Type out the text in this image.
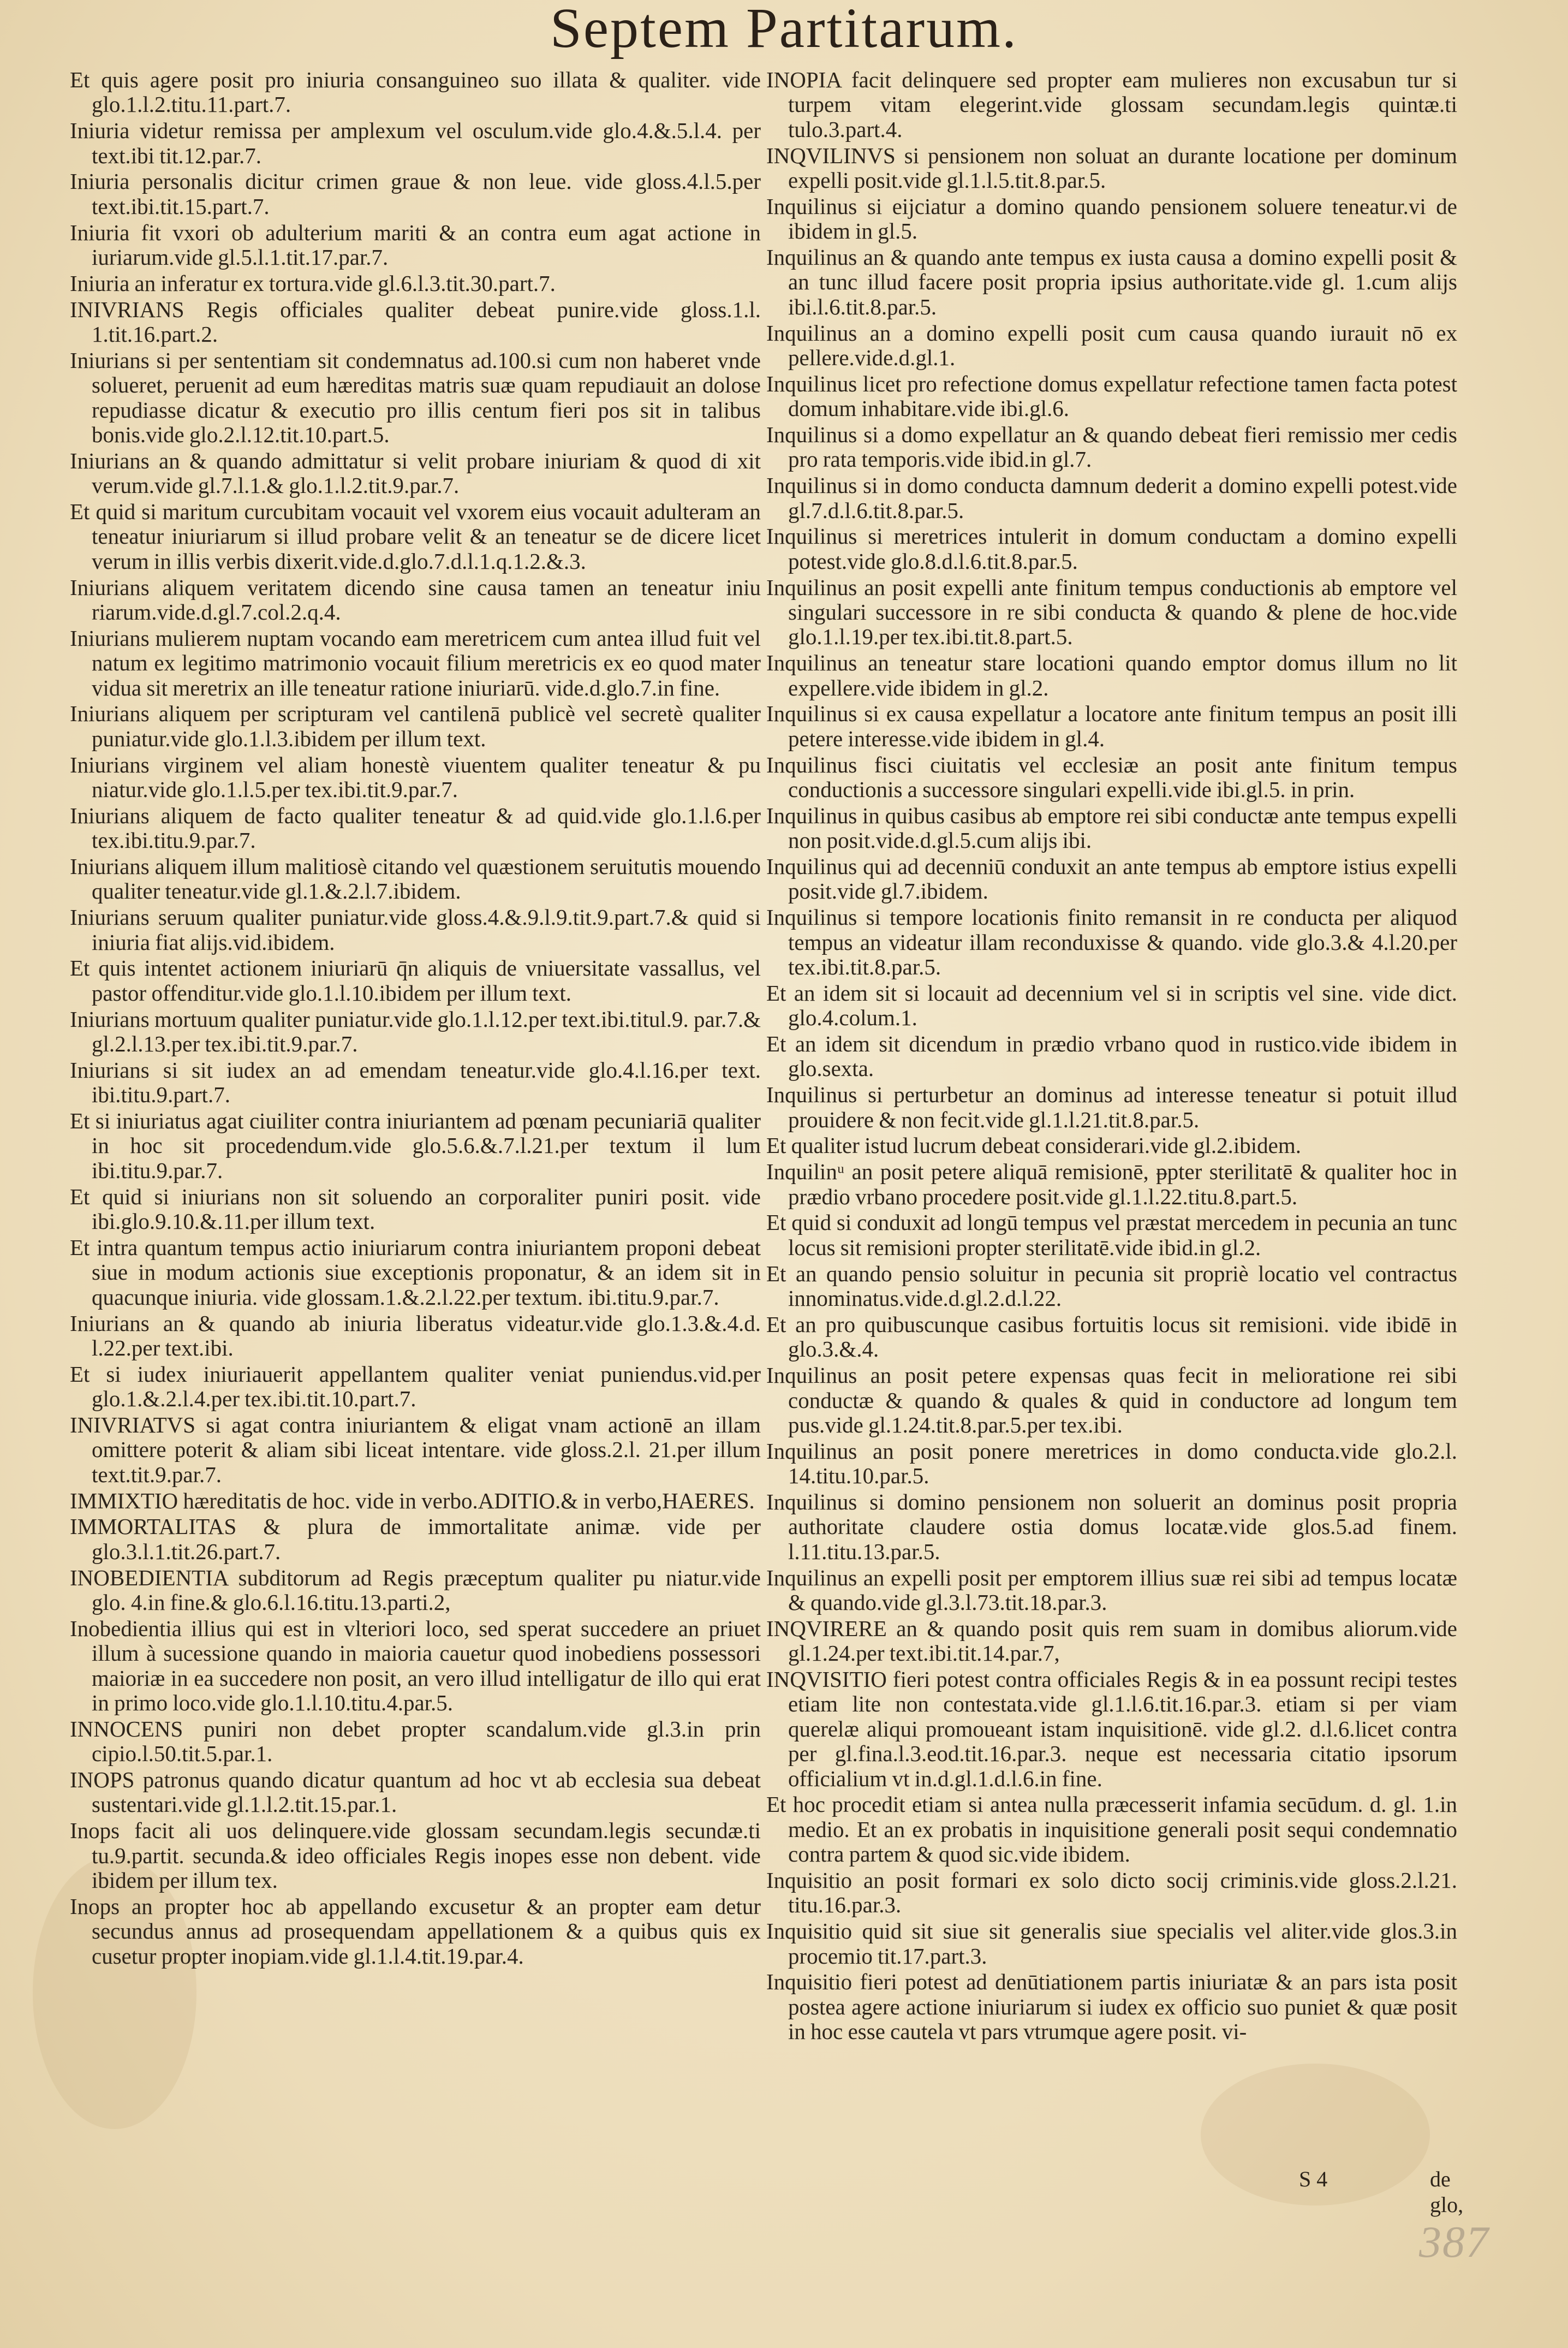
Septem Partitarum.

Et quis agere posit pro iniuria consanguineo suo illata & qualiter. vide glo.1.l.2.titu.11.part.7.

Iniuria videtur remissa per amplexum vel osculum.vide glo.4.&.5.l.4. per text.ibi tit.12.par.7.

Iniuria personalis dicitur crimen graue & non leue. vide gloss.4.l.5.per text.ibi.tit.15.part.7.

Iniuria fit vxori ob adulterium mariti & an contra eum agat actione in iuriarum.vide gl.5.l.1.tit.17.par.7.

Iniuria an inferatur ex tortura.vide gl.6.l.3.tit.30.part.7.

INIVRIANS Regis officiales qualiter debeat punire.vide gloss.1.l. 1.tit.16.part.2.

Iniurians si per sententiam sit condemnatus ad.100.si cum non haberet vnde solueret, peruenit ad eum hæreditas matris suæ quam repudiauit an dolose repudiasse dicatur & executio pro illis centum fieri pos sit in talibus bonis.vide glo.2.l.12.tit.10.part.5.

Iniurians an & quando admittatur si velit probare iniuriam & quod di xit verum.vide gl.7.l.1.& glo.1.l.2.tit.9.par.7.

Et quid si maritum curcubitam vocauit vel vxorem eius vocauit adulteram an teneatur iniuriarum si illud probare velit & an teneatur se de dicere licet verum in illis verbis dixerit.vide.d.glo.7.d.l.1.q.1.2.&.3.

Iniurians aliquem veritatem dicendo sine causa tamen an teneatur iniu riarum.vide.d.gl.7.col.2.q.4.

Iniurians mulierem nuptam vocando eam meretricem cum antea illud fuit vel natum ex legitimo matrimonio vocauit filium meretricis ex eo quod mater vidua sit meretrix an ille teneatur ratione iniuriarū. vide.d.glo.7.in fine.

Iniurians aliquem per scripturam vel cantilenā publicè vel secretè qualiter puniatur.vide glo.1.l.3.ibidem per illum text.

Iniurians virginem vel aliam honestè viuentem qualiter teneatur & pu niatur.vide glo.1.l.5.per tex.ibi.tit.9.par.7.

Iniurians aliquem de facto qualiter teneatur & ad quid.vide glo.1.l.6.per tex.ibi.titu.9.par.7.

Iniurians aliquem illum malitiosè citando vel quæstionem seruitutis mouendo qualiter teneatur.vide gl.1.&.2.l.7.ibidem.

Iniurians seruum qualiter puniatur.vide gloss.4.&.9.l.9.tit.9.part.7.& quid si iniuria fiat alijs.vid.ibidem.

Et quis intentet actionem iniuriarū q̄n aliquis de vniuersitate vassallus, vel pastor offenditur.vide glo.1.l.10.ibidem per illum text.

Iniurians mortuum qualiter puniatur.vide glo.1.l.12.per text.ibi.titul.9. par.7.& gl.2.l.13.per tex.ibi.tit.9.par.7.

Iniurians si sit iudex an ad emendam teneatur.vide glo.4.l.16.per text. ibi.titu.9.part.7.

Et si iniuriatus agat ciuiliter contra iniuriantem ad pœnam pecuniariā qualiter in hoc sit procedendum.vide glo.5.6.&.7.l.21.per textum il lum ibi.titu.9.par.7.

Et quid si iniurians non sit soluendo an corporaliter puniri posit. vide ibi.glo.9.10.&.11.per illum text.

Et intra quantum tempus actio iniuriarum contra iniuriantem proponi debeat siue in modum actionis siue exceptionis proponatur, & an idem sit in quacunque iniuria. vide glossam.1.&.2.l.22.per textum. ibi.titu.9.par.7.

Iniurians an & quando ab iniuria liberatus videatur.vide glo.1.3.&.4.d. l.22.per text.ibi.

Et si iudex iniuriauerit appellantem qualiter veniat puniendus.vid.per glo.1.&.2.l.4.per tex.ibi.tit.10.part.7.

INIVRIATVS si agat contra iniuriantem & eligat vnam actionē an illam omittere poterit & aliam sibi liceat intentare. vide gloss.2.l. 21.per illum text.tit.9.par.7.

IMMIXTIO hæreditatis de hoc. vide in verbo.ADITIO.& in verbo,HAERES.

IMMORTALITAS & plura de immortalitate animæ. vide per glo.3.l.1.tit.26.part.7.

INOBEDIENTIA subditorum ad Regis præceptum qualiter pu niatur.vide glo. 4.in fine.& glo.6.l.16.titu.13.parti.2,

Inobedientia illius qui est in vlteriori loco, sed sperat succedere an priuet illum à sucessione quando in maioria cauetur quod inobediens possessori maioriæ in ea succedere non posit, an vero illud intelligatur de illo qui erat in primo loco.vide glo.1.l.10.titu.4.par.5.

INNOCENS puniri non debet propter scandalum.vide gl.3.in prin cipio.l.50.tit.5.par.1.

INOPS patronus quando dicatur quantum ad hoc vt ab ecclesia sua debeat sustentari.vide gl.1.l.2.tit.15.par.1.

Inops facit ali uos delinquere.vide glossam secundam.legis secundæ.ti tu.9.partit. secunda.& ideo officiales Regis inopes esse non debent. vide ibidem per illum tex.

Inops an propter hoc ab appellando excusetur & an propter eam detur secundus annus ad prosequendam appellationem & a quibus quis ex cusetur propter inopiam.vide gl.1.l.4.tit.19.par.4.

INOPIA facit delinquere sed propter eam mulieres non excusabun tur si turpem vitam elegerint.vide glossam secundam.legis quintæ.ti tulo.3.part.4.

INQVILINVS si pensionem non soluat an durante locatione per dominum expelli posit.vide gl.1.l.5.tit.8.par.5.

Inquilinus si eijciatur a domino quando pensionem soluere teneatur.vi de ibidem in gl.5.

Inquilinus an & quando ante tempus ex iusta causa a domino expelli posit & an tunc illud facere posit propria ipsius authoritate.vide gl. 1.cum alijs ibi.l.6.tit.8.par.5.

Inquilinus an a domino expelli posit cum causa quando iurauit nō ex pellere.vide.d.gl.1.

Inquilinus licet pro refectione domus expellatur refectione tamen facta potest domum inhabitare.vide ibi.gl.6.

Inquilinus si a domo expellatur an & quando debeat fieri remissio mer cedis pro rata temporis.vide ibid.in gl.7.

Inquilinus si in domo conducta damnum dederit a domino expelli potest.vide gl.7.d.l.6.tit.8.par.5.

Inquilinus si meretrices intulerit in domum conductam a domino expelli potest.vide glo.8.d.l.6.tit.8.par.5.

Inquilinus an posit expelli ante finitum tempus conductionis ab emptore vel singulari successore in re sibi conducta & quando & plene de hoc.vide glo.1.l.19.per tex.ibi.tit.8.part.5.

Inquilinus an teneatur stare locationi quando emptor domus illum no lit expellere.vide ibidem in gl.2.

Inquilinus si ex causa expellatur a locatore ante finitum tempus an posit illi petere interesse.vide ibidem in gl.4.

Inquilinus fisci ciuitatis vel ecclesiæ an posit ante finitum tempus conductionis a successore singulari expelli.vide ibi.gl.5. in prin.

Inquilinus in quibus casibus ab emptore rei sibi conductæ ante tempus expelli non posit.vide.d.gl.5.cum alijs ibi.

Inquilinus qui ad decenniū conduxit an ante tempus ab emptore istius expelli posit.vide gl.7.ibidem.

Inquilinus si tempore locationis finito remansit in re conducta per aliquod tempus an videatur illam reconduxisse & quando. vide glo.3.& 4.l.20.per tex.ibi.tit.8.par.5.

Et an idem sit si locauit ad decennium vel si in scriptis vel sine. vide dict. glo.4.colum.1.

Et an idem sit dicendum in prædio vrbano quod in rustico.vide ibidem in glo.sexta.

Inquilinus si perturbetur an dominus ad interesse teneatur si potuit illud prouidere & non fecit.vide gl.1.l.21.tit.8.par.5.

Et qualiter istud lucrum debeat considerari.vide gl.2.ibidem.

Inquilinᵘ an posit petere aliquā remisionē, ᵽpter sterilitatē & qualiter hoc in prædio vrbano procedere posit.vide gl.1.l.22.titu.8.part.5.

Et quid si conduxit ad longū tempus vel præstat mercedem in pecunia an tunc locus sit remisioni propter sterilitatē.vide ibid.in gl.2.

Et an quando pensio soluitur in pecunia sit propriè locatio vel contractus innominatus.vide.d.gl.2.d.l.22.

Et an pro quibuscunque casibus fortuitis locus sit remisioni. vide ibidē in glo.3.&.4.

Inquilinus an posit petere expensas quas fecit in melioratione rei sibi conductæ & quando & quales & quid in conductore ad longum tem pus.vide gl.1.24.tit.8.par.5.per tex.ibi.

Inquilinus an posit ponere meretrices in domo conducta.vide glo.2.l. 14.titu.10.par.5.

Inquilinus si domino pensionem non soluerit an dominus posit propria authoritate claudere ostia domus locatæ.vide glos.5.ad finem. l.11.titu.13.par.5.

Inquilinus an expelli posit per emptorem illius suæ rei sibi ad tempus locatæ & quando.vide gl.3.l.73.tit.18.par.3.

INQVIRERE an & quando posit quis rem suam in domibus aliorum.vide gl.1.24.per text.ibi.tit.14.par.7,

INQVISITIO fieri potest contra officiales Regis & in ea possunt recipi testes etiam lite non contestata.vide gl.1.l.6.tit.16.par.3. etiam si per viam querelæ aliqui promoueant istam inquisitionē. vide gl.2. d.l.6.licet contra per gl.fina.l.3.eod.tit.16.par.3. neque est necessaria citatio ipsorum officialium vt in.d.gl.1.d.l.6.in fine.

Et hoc procedit etiam si antea nulla præcesserit infamia secūdum. d. gl. 1.in medio. Et an ex probatis in inquisitione generali posit sequi condemnatio contra partem & quod sic.vide ibidem.

Inquisitio an posit formari ex solo dicto socij criminis.vide gloss.2.l.21. titu.16.par.3.

Inquisitio quid sit siue sit generalis siue specialis vel aliter.vide glos.3.in procemio tit.17.part.3.

Inquisitio fieri potest ad denūtiationem partis iniuriatæ & an pars ista posit postea agere actione iniuriarum si iudex ex officio suo puniet & quæ posit in hoc esse cautela vt pars vtrumque agere posit. vi-

S 4	de glo,
387
